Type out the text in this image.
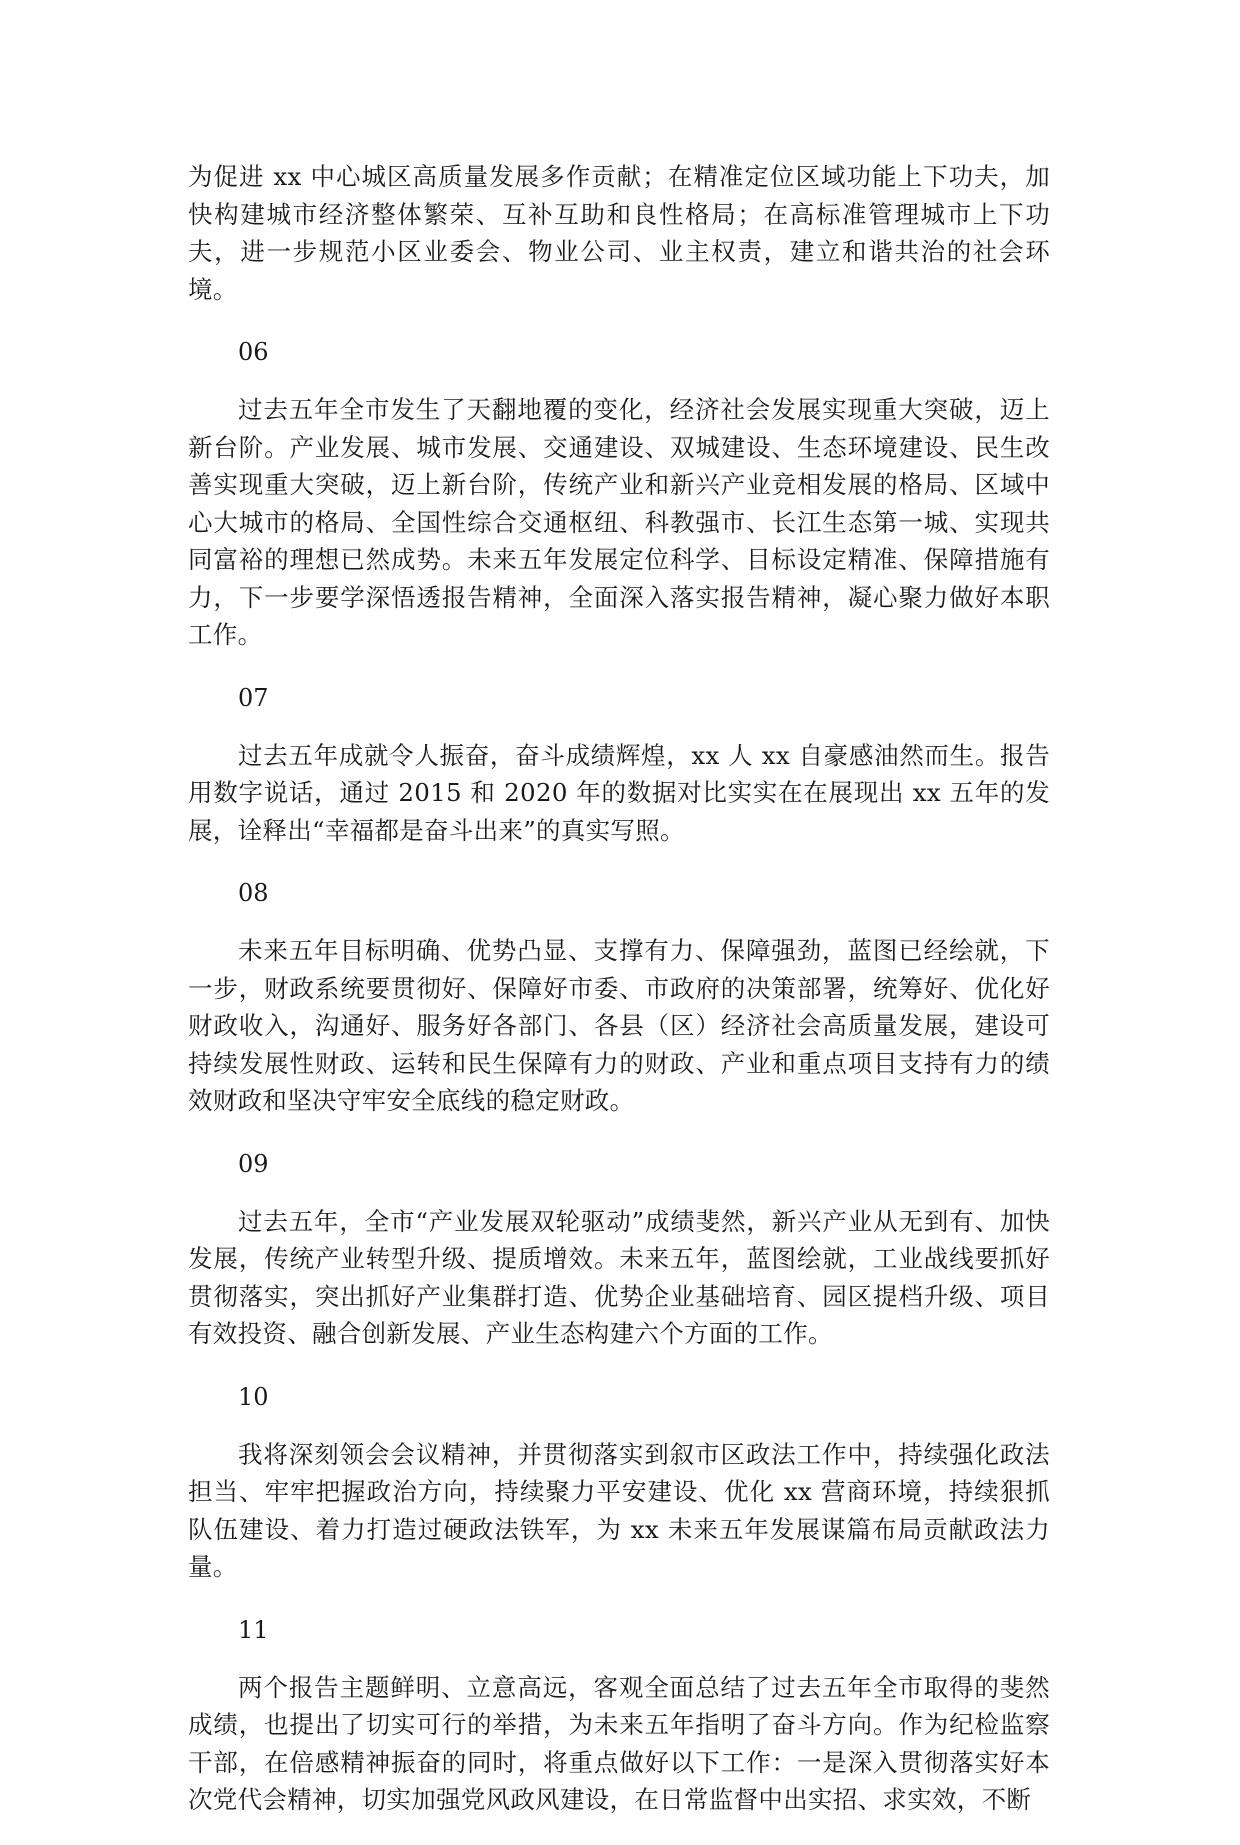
为促进 xx 中心城区高质量发展多作贡献；在精准定位区域功能上下功夫，加快构建城市经济整体繁荣、互补互助和良性格局；在高标准管理城市上下功夫，进一步规范小区业委会、物业公司、业主权责，建立和谐共治的社会环境。

06

过去五年全市发生了天翻地覆的变化，经济社会发展实现重大突破，迈上新台阶。产业发展、城市发展、交通建设、双城建设、生态环境建设、民生改善实现重大突破，迈上新台阶，传统产业和新兴产业竞相发展的格局、区域中心大城市的格局、全国性综合交通枢纽、科教强市、长江生态第一城、实现共同富裕的理想已然成势。未来五年发展定位科学、目标设定精准、保障措施有力，下一步要学深悟透报告精神，全面深入落实报告精神，凝心聚力做好本职工作。

07

过去五年成就令人振奋，奋斗成绩辉煌，xx 人 xx 自豪感油然而生。报告用数字说话，通过 2015 和 2020 年的数据对比实实在在展现出 xx 五年的发展，诠释出“幸福都是奋斗出来”的真实写照。

08

未来五年目标明确、优势凸显、支撑有力、保障强劲，蓝图已经绘就，下一步，财政系统要贯彻好、保障好市委、市政府的决策部署，统筹好、优化好财政收入，沟通好、服务好各部门、各县（区）经济社会高质量发展，建设可持续发展性财政、运转和民生保障有力的财政、产业和重点项目支持有力的绩效财政和坚决守牢安全底线的稳定财政。

09

过去五年，全市“产业发展双轮驱动”成绩斐然，新兴产业从无到有、加快发展，传统产业转型升级、提质增效。未来五年，蓝图绘就，工业战线要抓好贯彻落实，突出抓好产业集群打造、优势企业基础培育、园区提档升级、项目有效投资、融合创新发展、产业生态构建六个方面的工作。

10

我将深刻领会会议精神，并贯彻落实到叙市区政法工作中，持续强化政法担当、牢牢把握政治方向，持续聚力平安建设、优化 xx 营商环境，持续狠抓队伍建设、着力打造过硬政法铁军，为 xx 未来五年发展谋篇布局贡献政法力量。

11

两个报告主题鲜明、立意高远，客观全面总结了过去五年全市取得的斐然成绩，也提出了切实可行的举措，为未来五年指明了奋斗方向。作为纪检监察干部，在倍感精神振奋的同时，将重点做好以下工作：一是深入贯彻落实好本次党代会精神，切实加强党风政风建设，在日常监督中出实招、求实效，不断
